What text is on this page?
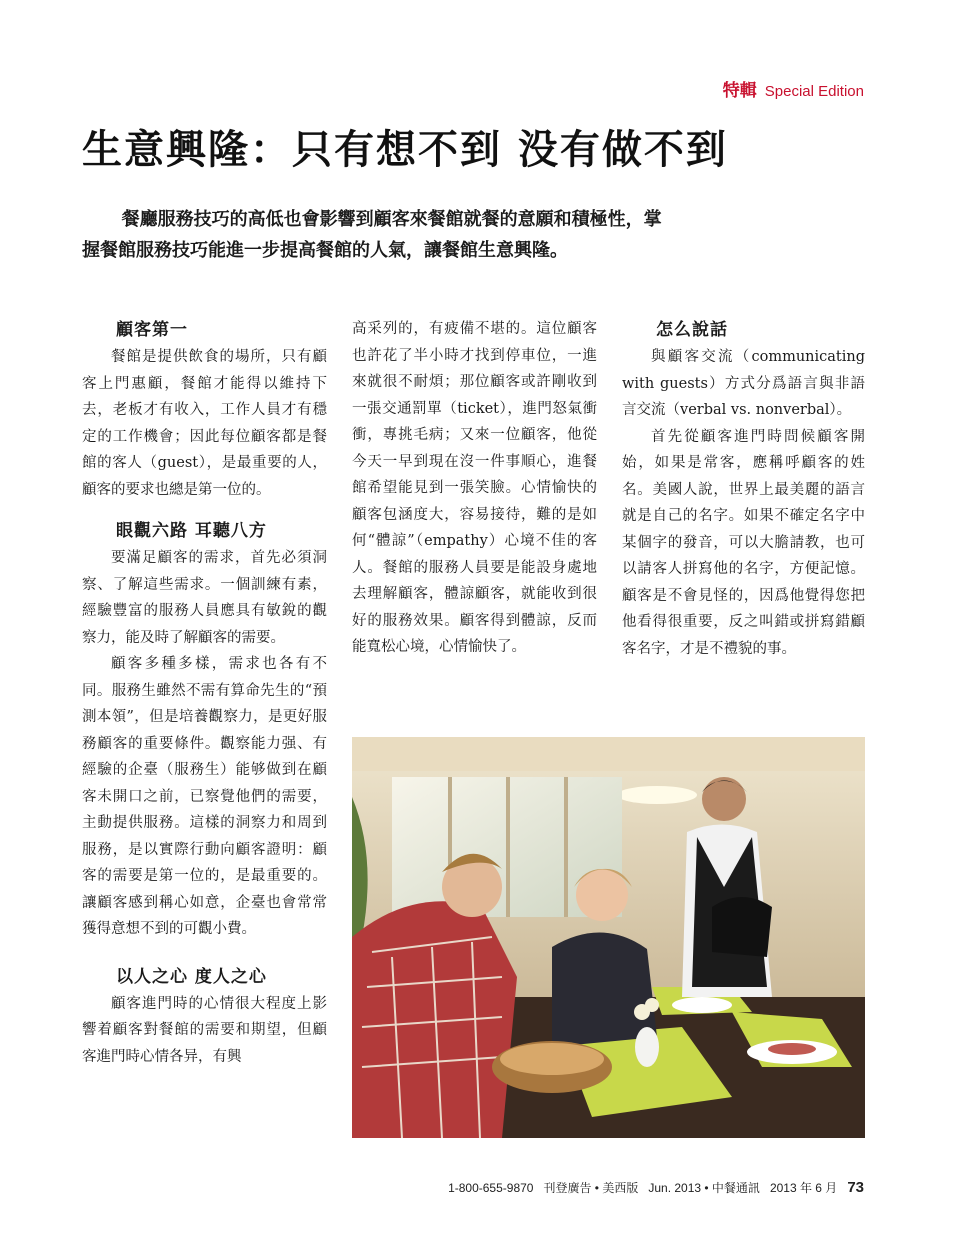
特輯 Special Edition
生意興隆：只有想不到 没有做不到

餐廳服務技巧的高低也會影響到顧客來餐館就餐的意願和積極性，掌

握餐館服務技巧能進一步提高餐館的人氣，讓餐館生意興隆。

顧客第一

餐館是提供飲食的場所，只有顧客上門惠顧，餐館才能得以維持下去，老板才有收入，工作人員才有穩定的工作機會；因此每位顧客都是餐館的客人（guest），是最重要的人，顧客的要求也總是第一位的。

眼觀六路 耳聽八方

要滿足顧客的需求，首先必須洞察、了解這些需求。一個訓練有素，經驗豐富的服務人員應具有敏銳的觀察力，能及時了解顧客的需要。

顧客多種多樣，需求也各有不同。服務生雖然不需有算命先生的“預測本領”，但是培養觀察力，是更好服務顧客的重要條件。觀察能力强、有經驗的企臺（服務生）能够做到在顧客未開口之前，已察覺他們的需要，主動提供服務。這樣的洞察力和周到服務，是以實際行動向顧客證明：顧客的需要是第一位的，是最重要的。讓顧客感到稱心如意，企臺也會常常獲得意想不到的可觀小費。

以人之心 度人之心

顧客進門時的心情很大程度上影響着顧客對餐館的需要和期望，但顧客進門時心情各异，有興

高采列的，有疲備不堪的。這位顧客也許花了半小時才找到停車位，一進來就很不耐煩；那位顧客或許剛收到一張交通罰單（ticket），進門怒氣衝衝，專挑毛病；又來一位顧客，他從今天一早到現在沒一件事順心，進餐館希望能見到一張笑臉。心情愉快的顧客包涵度大，容易接待，難的是如何“體諒”（empathy）心境不佳的客人。餐館的服務人員要是能設身處地去理解顧客，體諒顧客，就能收到很好的服務效果。顧客得到體諒，反而能寬松心境，心情愉快了。

怎么說話

與顧客交流（communicating with guests）方式分爲語言與非語言交流（verbal vs. nonverbal）。

首先從顧客進門時問候顧客開始，如果是常客，應稱呼顧客的姓名。美國人說，世界上最美麗的語言就是自己的名字。如果不確定名字中某個字的發音，可以大膽請教，也可以請客人拼寫他的名字，方便記憶。顧客是不會見怪的，因爲他覺得您把他看得很重要，反之叫錯或拼寫錯顧客名字，才是不禮貌的事。

1-800-655-9870 刊登廣告 • 美西版 Jun. 2013 • 中餐通訊 2013 年 6 月 73
